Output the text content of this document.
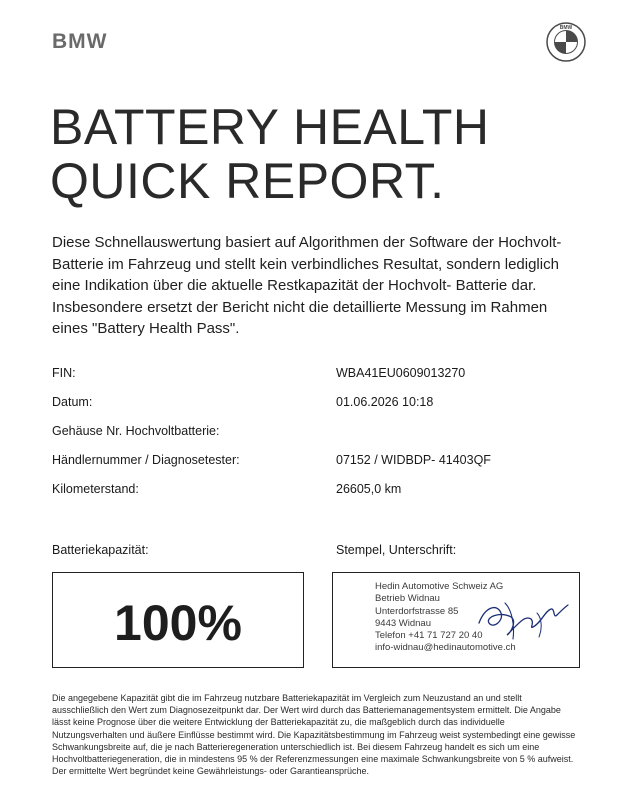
BMW
BMW
BATTERY HEALTH
QUICK REPORT.
Diese Schnellauswertung basiert auf Algorithmen der Software der Hochvolt- Batterie im Fahrzeug und stellt kein verbindliches Resultat, sondern lediglich eine Indikation über die aktuelle Restkapazität der Hochvolt- Batterie dar. Insbesondere ersetzt der Bericht nicht die detaillierte Messung im Rahmen eines "Battery Health Pass".
FIN:	WBA41EU0609013270
Datum:	01.06.2026 10:18
Gehäuse Nr. Hochvoltbatterie:
Händlernummer / Diagnosetester:	07152 / WIDBDP- 41403QF
Kilometerstand:	26605,0 km
Batteriekapazität:	Stempel, Unterschrift:
100%
Hedin Automotive Schweiz AG
Betrieb Widnau
Unterdorfstrasse 85
9443 Widnau
Telefon +41 71 727 20 40
info-widnau@hedinautomotive.ch
Die angegebene Kapazität gibt die im Fahrzeug nutzbare Batteriekapazität im Vergleich zum Neuzustand an und stellt ausschließlich den Wert zum Diagnosezeitpunkt dar. Der Wert wird durch das Batteriemanagementsystem ermittelt. Die Angabe lässt keine Prognose über die weitere Entwicklung der Batteriekapazität zu, die maßgeblich durch das individuelle Nutzungsverhalten und äußere Einflüsse bestimmt wird. Die Kapazitätsbestimmung im Fahrzeug weist systembedingt eine gewisse Schwankungsbreite auf, die je nach Batterieregeneration unterschiedlich ist. Bei diesem Fahrzeug handelt es sich um eine Hochvoltbatteriegeneration, die in mindestens 95 % der Referenzmessungen eine maximale Schwankungsbreite von 5 % aufweist. Der ermittelte Wert begründet keine Gewährleistungs- oder Garantieansprüche.
